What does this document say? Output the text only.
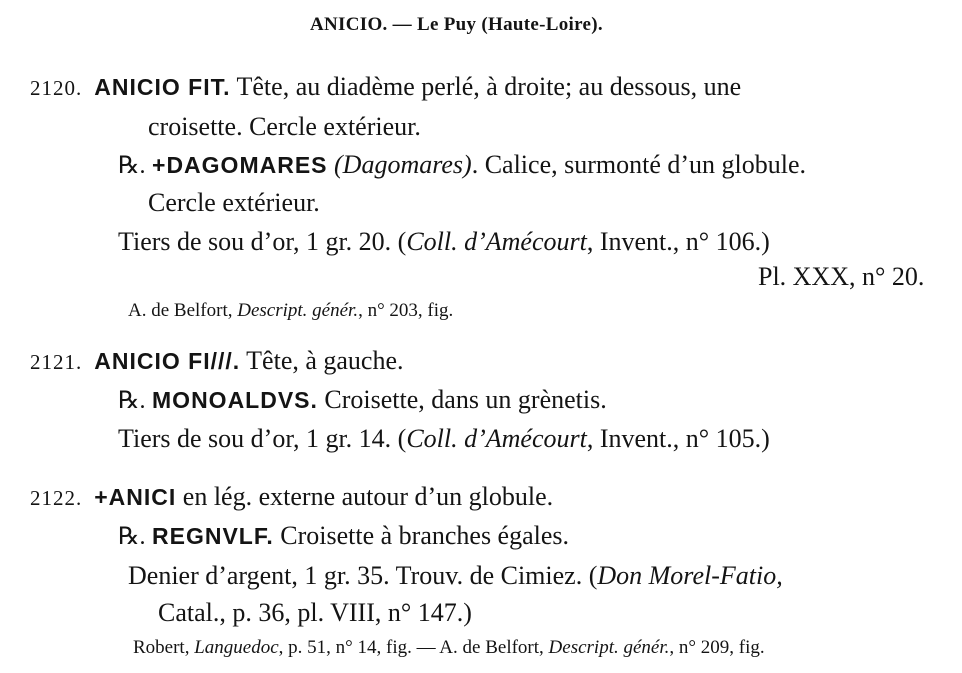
ANICIO. — Le Puy (Haute-Loire).
2120. ANICIO FIT. Tête, au diadème perlé, à droite; au dessous, une
croisette. Cercle extérieur.
℞. +DAGOMARES (Dagomares). Calice, surmonté d’un globule.
Cercle extérieur.
Tiers de sou d’or, 1 gr. 20. (Coll. d’Amécourt, Invent., n° 106.)
Pl. XXX, n° 20.
A. de Belfort, Descript. génér., n° 203, fig.
2121. ANICIO FI///. Tête, à gauche.
℞. MONOALDVS. Croisette, dans un grènetis.
Tiers de sou d’or, 1 gr. 14. (Coll. d’Amécourt, Invent., n° 105.)
2122. +ANICI en lég. externe autour d’un globule.
℞. REGNVLF. Croisette à branches égales.
Denier d’argent, 1 gr. 35. Trouv. de Cimiez. (Don Morel-Fatio,
Catal., p. 36, pl. VIII, n° 147.)
Robert, Languedoc, p. 51, n° 14, fig. — A. de Belfort, Descript. génér., n° 209, fig.
